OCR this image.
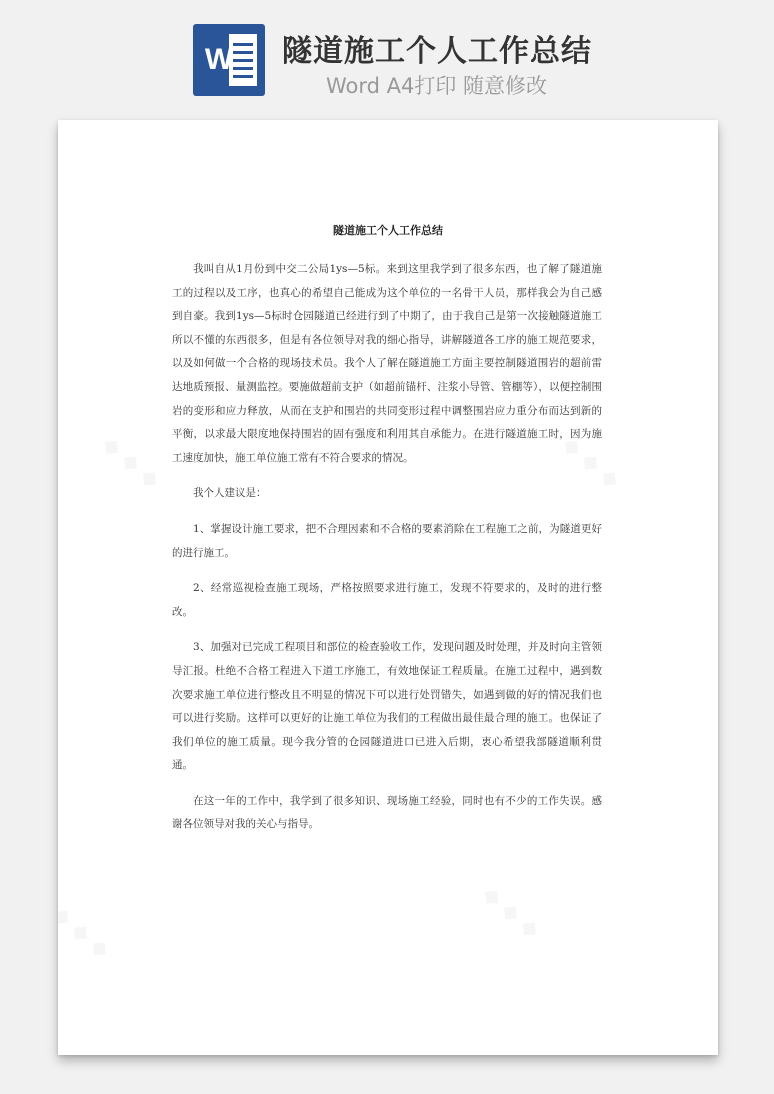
W 隧道施工个人工作总结
Word A4打印 随意修改
隧道施工个人工作总结

我叫自从1月份到中交二公局1ys—5标。来到这里我学到了很多东西，也了解了隧道施工的过程以及工序，也真心的希望自己能成为这个单位的一名骨干人员，那样我会为自己感到自豪。我到1ys—5标时仓园隧道已经进行到了中期了，由于我自己是第一次接触隧道施工所以不懂的东西很多，但是有各位领导对我的细心指导，讲解隧道各工序的施工规范要求，以及如何做一个合格的现场技术员。我个人了解在隧道施工方面主要控制隧道围岩的超前雷达地质预报、量测监控。要施做超前支护（如超前锚杆、注浆小导管、管棚等），以便控制围岩的变形和应力释放，从而在支护和围岩的共同变形过程中调整围岩应力重分布而达到新的平衡，以求最大限度地保持围岩的固有强度和利用其自承能力。在进行隧道施工时，因为施工速度加快，施工单位施工常有不符合要求的情况。

我个人建议是：

1、掌握设计施工要求，把不合理因素和不合格的要素消除在工程施工之前，为隧道更好的进行施工。

2、经常巡视检查施工现场，严格按照要求进行施工，发现不符要求的，及时的进行整改。

3、加强对已完成工程项目和部位的检查验收工作，发现问题及时处理，并及时向主管领导汇报。杜绝不合格工程进入下道工序施工，有效地保证工程质量。在施工过程中，遇到数次要求施工单位进行整改且不明显的情况下可以进行处罚错失，如遇到做的好的情况我们也可以进行奖励。这样可以更好的让施工单位为我们的工程做出最佳最合理的施工。也保证了我们单位的施工质量。现今我分管的仓园隧道进口已进入后期，衷心希望我部隧道顺利贯通。

在这一年的工作中，我学到了很多知识、现场施工经验，同时也有不少的工作失误。感谢各位领导对我的关心与指导。
